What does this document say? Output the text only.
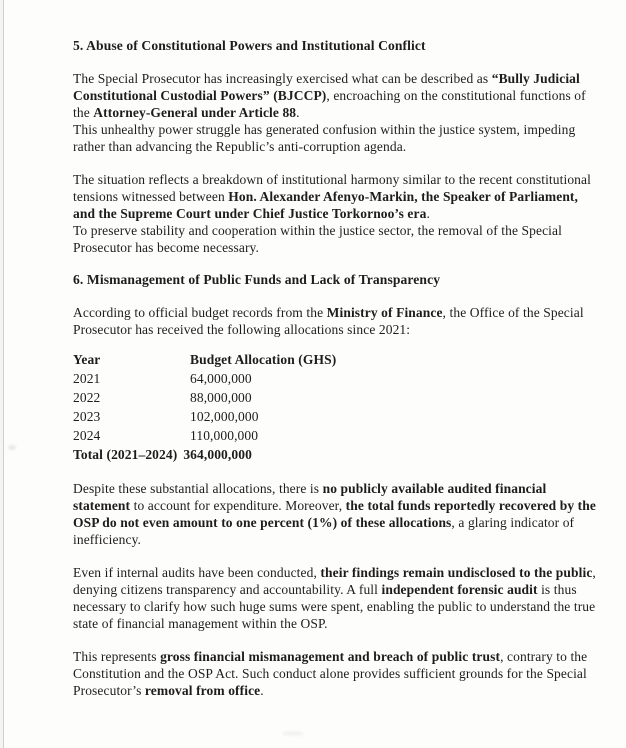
5. Abuse of Constitutional Powers and Institutional Conflict

The Special Prosecutor has increasingly exercised what can be described as “Bully Judicial Constitutional Custodial Powers” (BJCCP), encroaching on the constitutional functions of the Attorney-General under Article 88.
This unhealthy power struggle has generated confusion within the justice system, impeding rather than advancing the Republic’s anti-corruption agenda.

The situation reflects a breakdown of institutional harmony similar to the recent constitutional tensions witnessed between Hon. Alexander Afenyo-Markin, the Speaker of Parliament, and the Supreme Court under Chief Justice Torkornoo’s era.
To preserve stability and cooperation within the justice sector, the removal of the Special Prosecutor has become necessary.

6. Mismanagement of Public Funds and Lack of Transparency

According to official budget records from the Ministry of Finance, the Office of the Special Prosecutor has received the following allocations since 2021:

Year	Budget Allocation (GHS)
2021	64,000,000
2022	88,000,000
2023	102,000,000
2024	110,000,000
Total (2021–2024) 364,000,000

Despite these substantial allocations, there is no publicly available audited financial statement to account for expenditure. Moreover, the total funds reportedly recovered by the OSP do not even amount to one percent (1%) of these allocations, a glaring indicator of inefficiency.

Even if internal audits have been conducted, their findings remain undisclosed to the public, denying citizens transparency and accountability. A full independent forensic audit is thus necessary to clarify how such huge sums were spent, enabling the public to understand the true state of financial management within the OSP.

This represents gross financial mismanagement and breach of public trust, contrary to the Constitution and the OSP Act. Such conduct alone provides sufficient grounds for the Special Prosecutor’s removal from office.
